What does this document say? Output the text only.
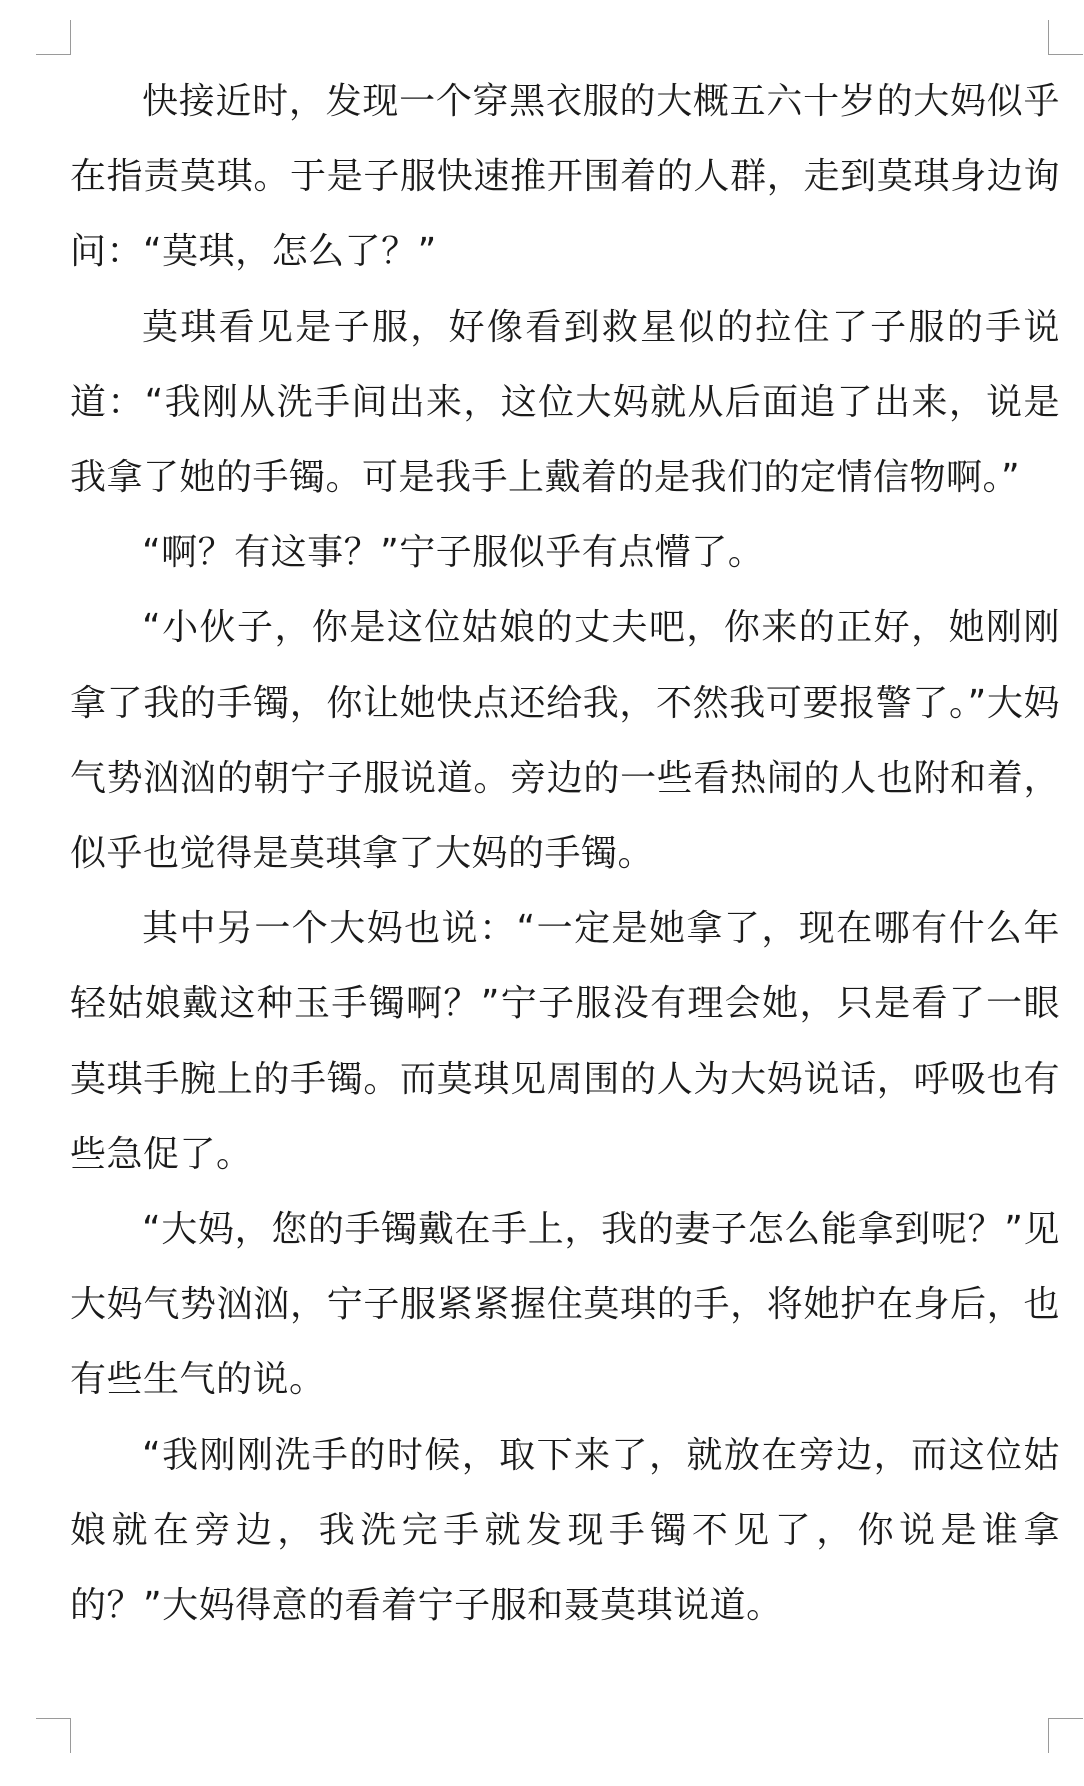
快接近时，发现一个穿黑衣服的大概五六十岁的大妈似乎在指责莫琪。于是子服快速推开围着的人群，走到莫琪身边询问：“莫琪，怎么了？”

莫琪看见是子服，好像看到救星似的拉住了子服的手说道：“我刚从洗手间出来，这位大妈就从后面追了出来，说是我拿了她的手镯。可是我手上戴着的是我们的定情信物啊。”

“啊？有这事？”宁子服似乎有点懵了。

“小伙子，你是这位姑娘的丈夫吧，你来的正好，她刚刚拿了我的手镯，你让她快点还给我，不然我可要报警了。”大妈气势汹汹的朝宁子服说道。旁边的一些看热闹的人也附和着，似乎也觉得是莫琪拿了大妈的手镯。

其中另一个大妈也说：“一定是她拿了，现在哪有什么年轻姑娘戴这种玉手镯啊？”宁子服没有理会她，只是看了一眼莫琪手腕上的手镯。而莫琪见周围的人为大妈说话，呼吸也有些急促了。

“大妈，您的手镯戴在手上，我的妻子怎么能拿到呢？”见大妈气势汹汹，宁子服紧紧握住莫琪的手，将她护在身后，也有些生气的说。

“我刚刚洗手的时候，取下来了，就放在旁边，而这位姑娘就在旁边，我洗完手就发现手镯不见了，你说是谁拿的？”大妈得意的看着宁子服和聂莫琪说道。
